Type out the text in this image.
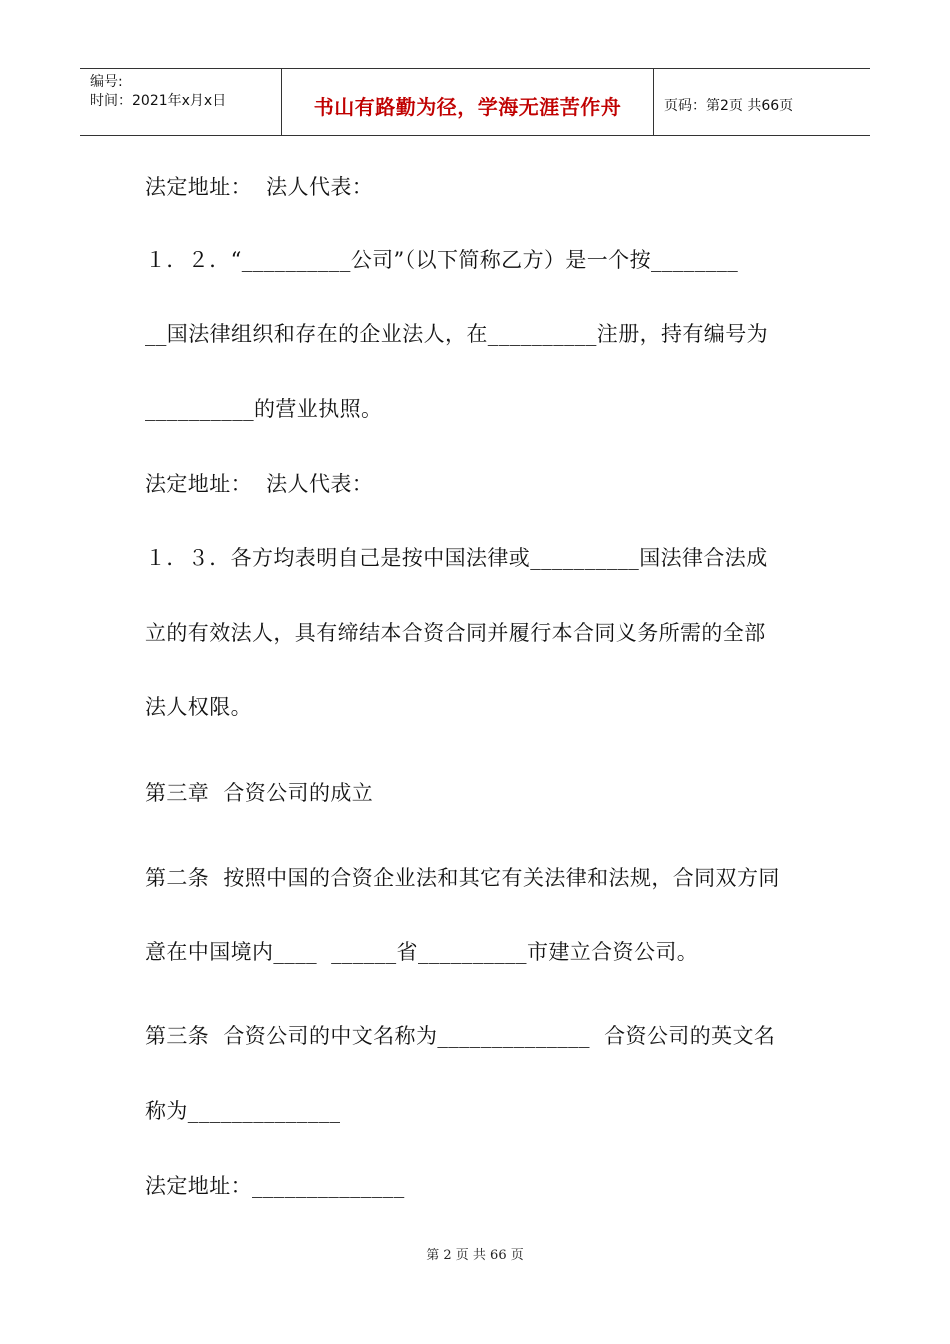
编号:
时间：2021年x月x日	书山有路勤为径，学海无涯苦作舟	页码：第2页 共66页
法定地址：  法人代表：
１．２．“__________公司”（以下简称乙方）是一个按________
__国法律组织和存在的企业法人，在__________注册，持有编号为
__________的营业执照。
法定地址：  法人代表：
１．３．各方均表明自己是按中国法律或__________国法律合法成
立的有效法人，具有缔结本合资合同并履行本合同义务所需的全部
法人权限。
第三章  合资公司的成立
第二条  按照中国的合资企业法和其它有关法律和法规，合同双方同
意在中国境内____  ______省__________市建立合资公司。
第三条  合资公司的中文名称为______________  合资公司的英文名
称为______________
法定地址：______________
第 2 页 共 66 页
